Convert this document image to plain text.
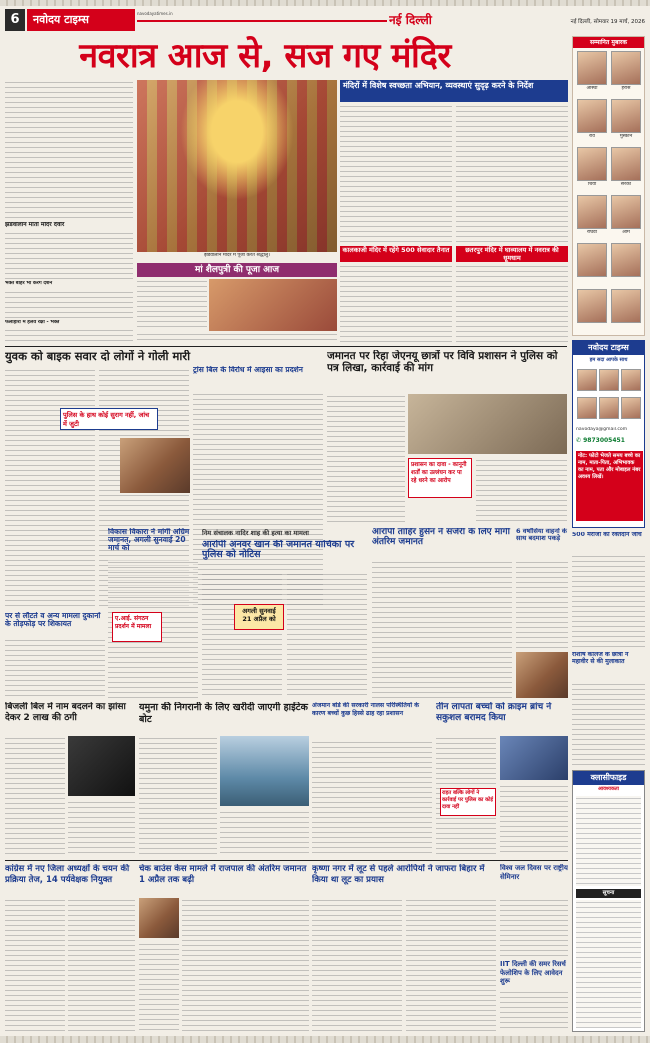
6	नवोदय टाइम्स	navodayatimes.in	नई दिल्ली	नई दिल्ली, सोमवार 19 मार्च, 2026
नवरात्र आज से, सज गए मंदिर
झंडेवालान माता मंदिर देवार
भक्त बाहर भी करेंगे दर्शन
फलाहारी में हलवे रक्षा - भक्त
झंडेवालान मंदिर में पूजा करते श्रद्धालु।
मां शैलपुत्री की पूजा आज
मंदिरों में विशेष स्वच्छता अभियान, व्यवस्थाएं सुदृढ़ करने के निर्देश
कालकाजी मंदिर में रहेंगे 500 सेवादार तैनात	छतरपुर मंदिर में घाव्यालय में नवरात्र की धूमधाम
सम्मानित मुबारक
आस्था	हरसि
रवि	मुस्कान
चिया	सरका
राघवी	ओम
नवोदय टाइम्स
हम सदा आपके साथ
navodaya@gmail.com
✆ 9873005451
नोट: फोटो भेजते समय बच्चे का नाम, माता-पिता, अभिभावक का नाम, पता और मोबाइल नंबर अवश्य लिखें।
युवक को बाइक सवार दो लोगों ने गोली मारी
पुलिस के हाथ कोई सुराग नहीं, जांच में जुटी
ट्रांस बिल के विरोध में आइसा का प्रदर्शन
जमानत पर रिहा जेएनयू छात्रों पर विवि प्रशासन ने पुलिस को पत्र लिखा, कार्रवाई की मांग
प्रशासन का दावा - कानूनी शर्तों का उल्लंघन कर पा रहे धरने का आरोप
पर से लौटते व अन्य मामला दुकानों के तोड़फोड़ पर शिकायत
विकास विकारा ने मांगी अग्रिम जमानत, अगली सुनवाई 20 मार्च को
ए.आई. संगठन प्रदर्शन में मामला
निम संचालक नादिर शाह की हत्या का मामला
आरोपी अनवर खान की जमानत याचिका पर पुलिस को नोटिस
अगली सुनवाई 21 अप्रैल को
आरोपी ताहिर हुसैन ने सर्जरी के लिए मांगी अंतरिम जमानत
6 वर्षोंसिया वाहनों के साथ बदमाश पकड़े	500 मरीजों की रक्तदान जांच
राशीष कॉलेज के छात्रों ने महावीर से की मुलाकात
बिजली बिल में नाम बदलने का झांसा देकर 2 लाख की ठगी
यमुना की निगरानी के लिए खरीदी जाएगी हाईटेक बोट
अंजमान बोर्ड की सरकारी नालस परिस्थितियों के कारण बच्चों कुछ हिस्से ढाह रहा प्रशासन
तीन लापता बच्चों को क्राइम ब्रांच ने सकुशल बरामद किया
राहत बल्कि लोगों ने कार्रवाई पर पुलिस का कोई दावा नहीं
क्लासीफाइड
आवश्यकता
सूचना
कांग्रेस में नए जिला अध्यक्षों के चयन की प्रक्रिया तेज, 14 पर्यवेक्षक नियुक्त
चेक बाउंस केस मामले में राजपाल की अंतरिम जमानत 1 अप्रैल तक बढ़ी
कृष्णा नगर में लूट से पहले आरोपियों ने जाफरा बिहार में किया था लूट का प्रयास
विश्व जल दिवस पर राष्ट्रीय सेमिनार
IIT दिल्ली की समर रिसर्च फेलोशिप के लिए आवेदन शुरू
